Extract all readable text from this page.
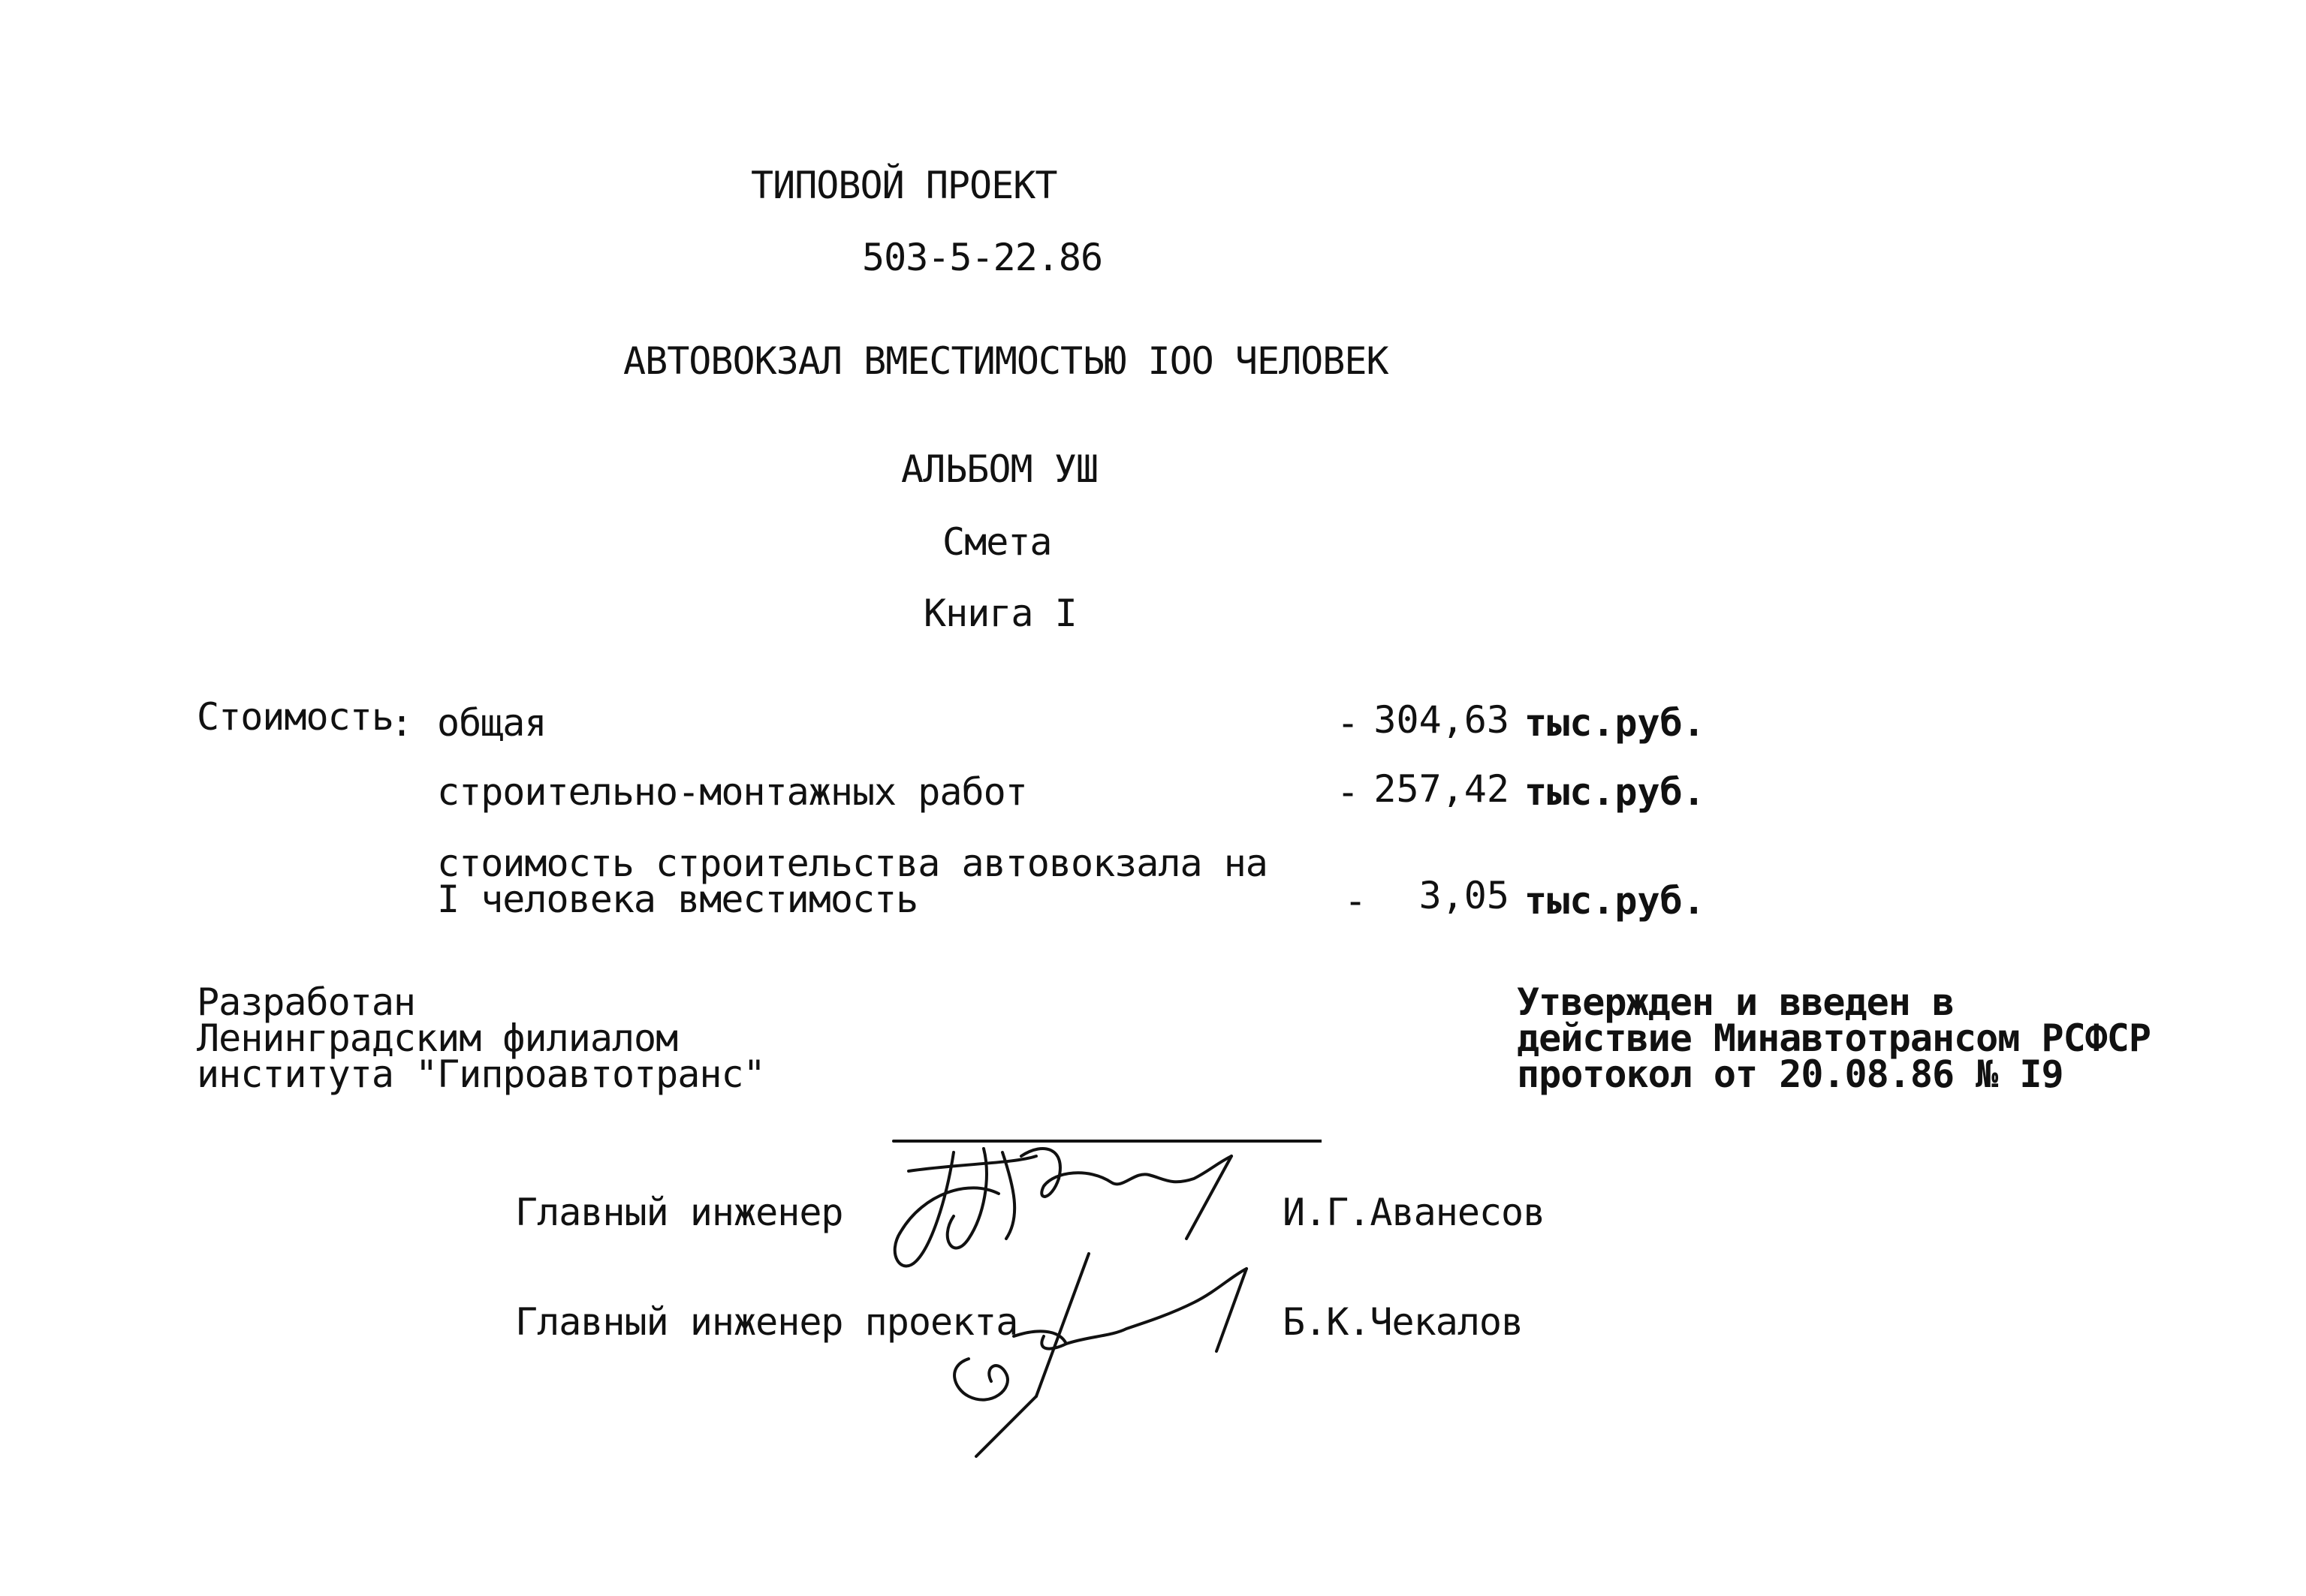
ТИПОВОЙ ПРОЕКТ
503-5-22.86
АВТОВОКЗАЛ ВМЕСТИМОСТЬЮ IOO ЧЕЛОВЕК
АЛЬБОМ УШ
Смета
Книга I
Стоимость
: общая	- 304,63 тыс.руб.
строительно-монтажных работ	- 257,42 тыс.руб.
стоимость строительства автовокзала на
I человека вместимость	-	3,05 тыс.руб.
Разработан
Ленинградским филиалом
института "Гипроавтотранс"
Утвержден и введен в
действие Минавтотрансом РСФСР
протокол от 20.08.86 № I9
Главный инженер	И.Г.Аванесов
Главный инженер проекта	Б.К.Чекалов
